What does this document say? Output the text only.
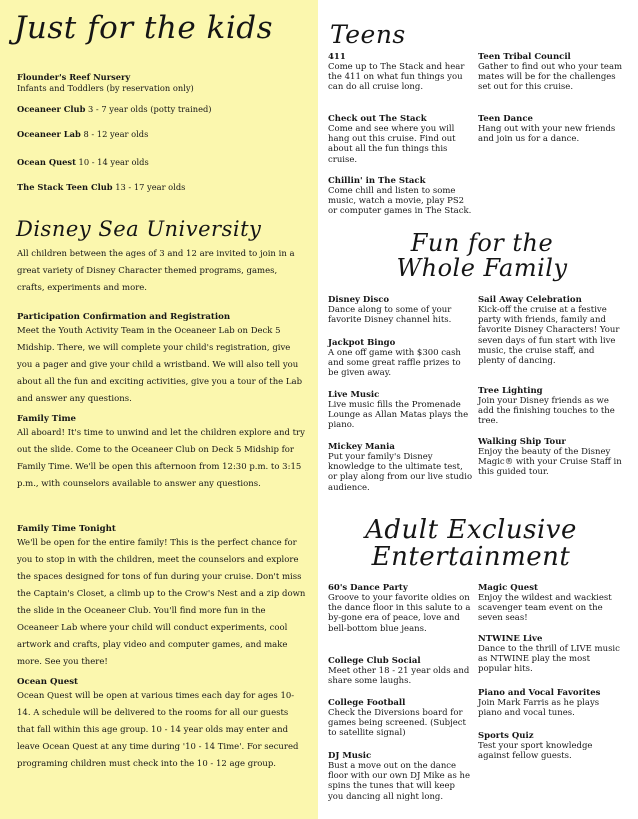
Just for the kids
Flounder's Reef Nursery
Infants and Toddlers (by reservation only)
Oceaneer Club 3 - 7 year olds (potty trained)
Oceaneer Lab 8 - 12 year olds
Ocean Quest 10 - 14 year olds
The Stack Teen Club 13 - 17 year olds
Disney Sea University

All children between the ages of 3 and 12 are invited to join in a great variety of Disney Character themed programs, games, crafts, experiments and more.

Participation Confirmation and Registration

Meet the Youth Activity Team in the Oceaneer Lab on Deck 5 Midship. There, we will complete your child's registration, give you a pager and give your child a wristband. We will also tell you about all the fun and exciting activities, give you a tour of the Lab and answer any questions.

Family Time

All aboard! It's time to unwind and let the children explore and try out the slide. Come to the Oceaneer Club on Deck 5 Midship for Family Time. We'll be open this afternoon from 12:30 p.m. to 3:15 p.m., with counselors available to answer any questions.

Family Time Tonight

We'll be open for the entire family! This is the perfect chance for you to stop in with the children, meet the counselors and explore the spaces designed for tons of fun during your cruise. Don't miss the Captain's Closet, a climb up to the Crow's Nest and a zip down the slide in the Oceaneer Club. You'll find more fun in the Oceaneer Lab where your child will conduct experiments, cool artwork and crafts, play video and computer games, and make more. See you there!

Ocean Quest

Ocean Quest will be open at various times each day for ages 10-14. A schedule will be delivered to the rooms for all our guests that fall within this age group. 10 - 14 year olds may enter and leave Ocean Quest at any time during '10 - 14 Time'. For secured programing children must check into the 10 - 12 age group.

Teens
411
Come up to The Stack and hear the 411 on what fun things you can do all cruise long.
Check out The Stack
Come and see where you will hang out this cruise. Find out about all the fun things this cruise.
Chillin' in The Stack
Come chill and listen to some music, watch a movie, play PS2 or computer games in The Stack.
Teen Tribal Council
Gather to find out who your team mates will be for the challenges set out for this cruise.
Teen Dance
Hang out with your new friends and join us for a dance.
Fun for the
Whole Family
Disney Disco
Dance along to some of your favorite Disney channel hits.
Jackpot Bingo
A one off game with $300 cash and some great raffle prizes to be given away.
Live Music
Live music fills the Promenade Lounge as Allan Matas plays the piano.
Mickey Mania
Put your family's Disney knowledge to the ultimate test, or play along from our live studio audience.
Sail Away Celebration
Kick-off the cruise at a festive party with friends, family and favorite Disney Characters! Your seven days of fun start with live music, the cruise staff, and plenty of dancing.
Tree Lighting
Join your Disney friends as we add the finishing touches to the tree.
Walking Ship Tour
Enjoy the beauty of the Disney Magic® with your Cruise Staff in this guided tour.
Adult Exclusive
Entertainment
60's Dance Party
Groove to your favorite oldies on the dance floor in this salute to a by-gone era of peace, love and bell-bottom blue jeans.
College Club Social
Meet other 18 - 21 year olds and share some laughs.
College Football
Check the Diversions board for games being screened. (Subject to satellite signal)
DJ Music
Bust a move out on the dance floor with our own DJ Mike as he spins the tunes that will keep you dancing all night long.
Magic Quest
Enjoy the wildest and wackiest scavenger team event on the seven seas!
NTWINE Live
Dance to the thrill of LIVE music as NTWINE play the most popular hits.
Piano and Vocal Favorites
Join Mark Farris as he plays piano and vocal tunes.
Sports Quiz
Test your sport knowledge against fellow guests.
